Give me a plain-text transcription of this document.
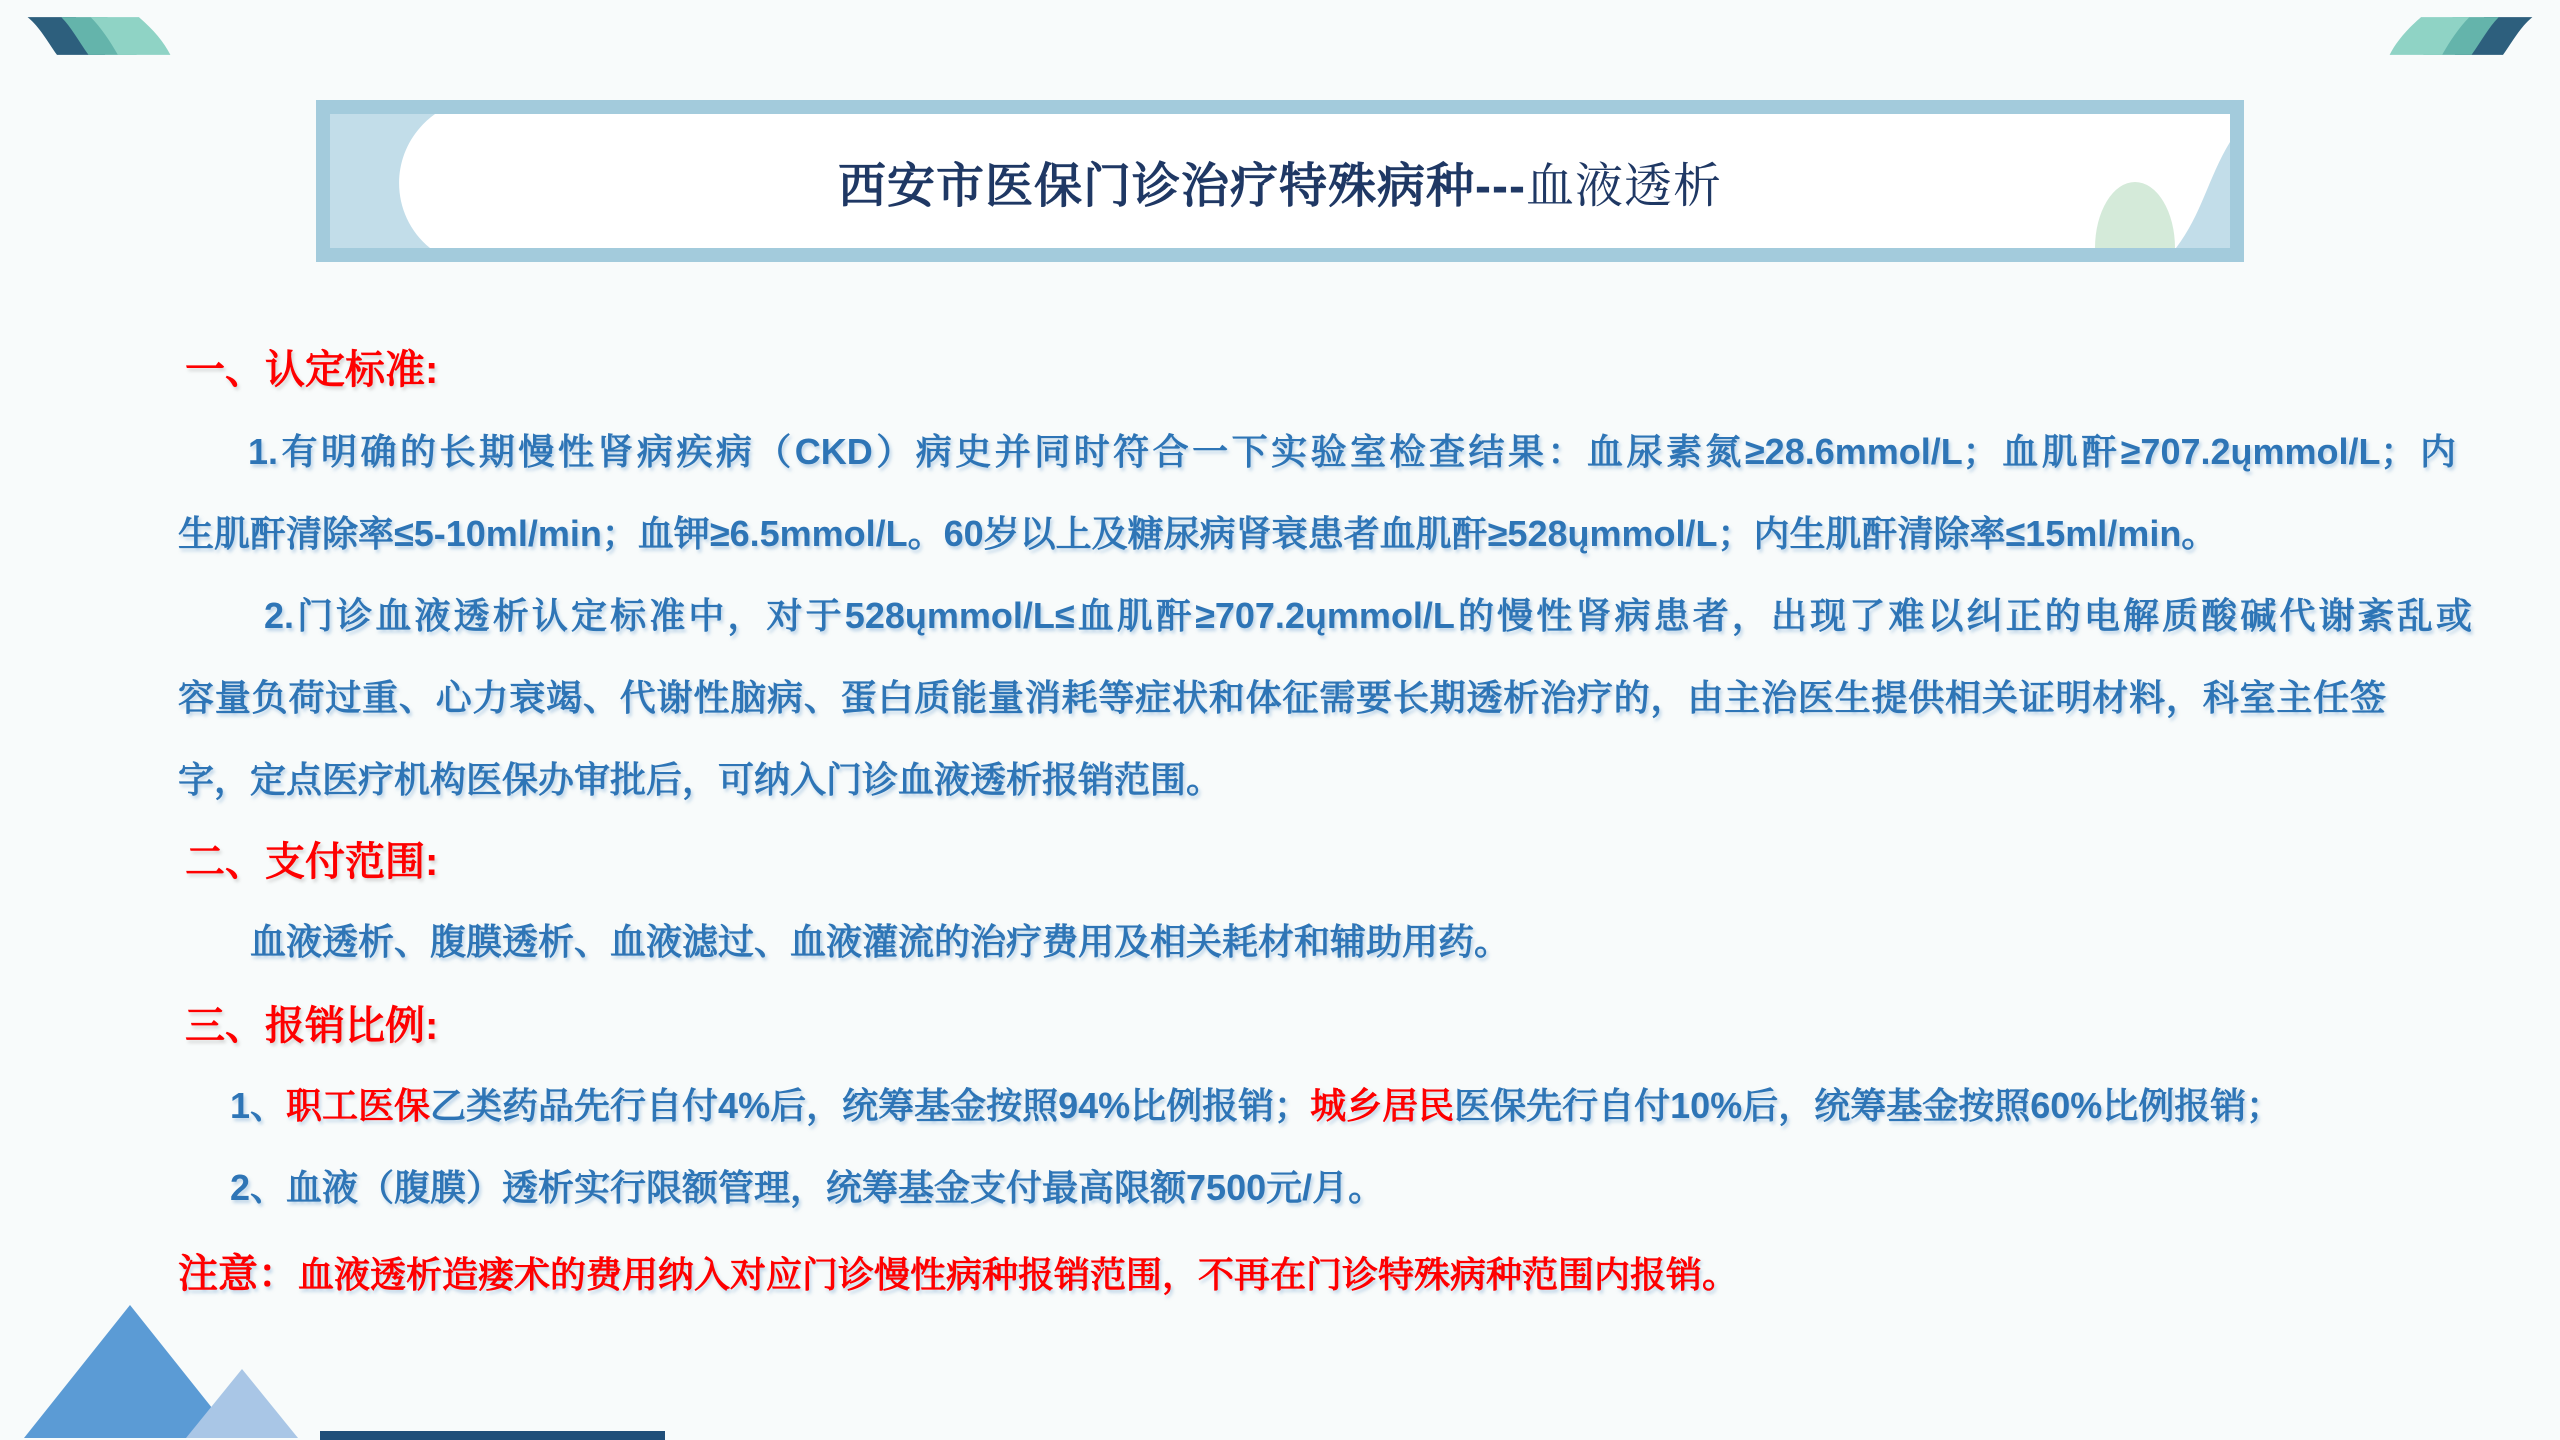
西安市医保门诊治疗特殊病种--- 血液透析
一、认定标准:
1.有明确的长期慢性肾病疾病（CKD）病史并同时符合一下实验室检查结果：血尿素氮≥28.6mmol/L；血肌酐≥707.2ųmmol/L；内
生肌酐清除率≤5-10ml/min；血钾≥6.5mmol/L。60岁以上及糖尿病肾衰患者血肌酐≥528ųmmol/L；内生肌酐清除率≤15ml/min。
2.门诊血液透析认定标准中，对于528ųmmol/L≤血肌酐≥707.2ųmmol/L的慢性肾病患者，出现了难以纠正的电解质酸碱代谢紊乱或
容量负荷过重、心力衰竭、代谢性脑病、蛋白质能量消耗等症状和体征需要长期透析治疗的，由主治医生提供相关证明材料，科室主任签
字，定点医疗机构医保办审批后，可纳入门诊血液透析报销范围。
二、支付范围:
血液透析、腹膜透析、血液滤过、血液灌流的治疗费用及相关耗材和辅助用药。
三、报销比例:
1、职工医保乙类药品先行自付4%后，统筹基金按照94%比例报销；城乡居民医保先行自付10%后，统筹基金按照60%比例报销；
2、血液（腹膜）透析实行限额管理，统筹基金支付最高限额7500元/月。
注意：血液透析造瘘术的费用纳入对应门诊慢性病种报销范围，不再在门诊特殊病种范围内报销。
